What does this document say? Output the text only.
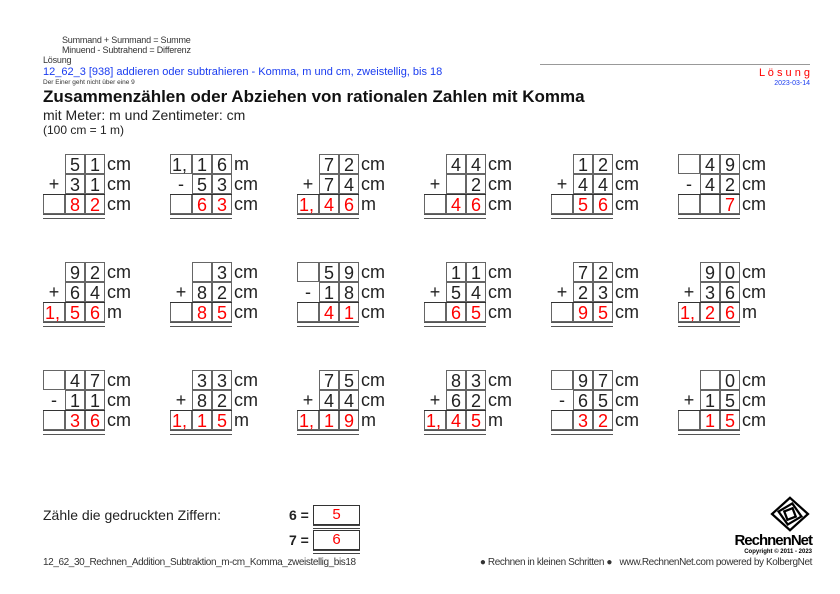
Summand + Summand = Summe
Minuend - Subtrahend = Differenz
Lösung
12_62_3 [938] addieren oder subtrahieren - Komma, m und cm, zweistellig, bis 18
Der Einer geht nicht über eine 9
Zusammenzählen oder Abziehen von rationalen Zahlen mit Komma
mit Meter: m und Zentimeter: cm
(100 cm = 1 m)
L ö s u n g
2023-03-14
5 1 cm
+ 3 1 cm
8 2 cm
1, 1 6 m
- 5 3 cm
6 3 cm
7 2 cm
+ 7 4 cm
1, 4 6 m
4 4 cm
+	2 cm
4 6 cm
1 2 cm
+ 4 4 cm
5 6 cm
4 9 cm
- 4 2 cm
7 cm
9 2 cm
+ 6 4 cm
1, 5 6 m
3 cm
+ 8 2 cm
8 5 cm
5 9 cm
- 1 8 cm
4 1 cm
1 1 cm
+ 5 4 cm
6 5 cm
7 2 cm
+ 2 3 cm
9 5 cm
9 0 cm
+ 3 6 cm
1, 2 6 m
4 7 cm
- 1 1 cm
3 6 cm
3 3 cm
+ 8 2 cm
1, 1 5 m
7 5 cm
+ 4 4 cm
1, 1 9 m
8 3 cm
+ 6 2 cm
1, 4 5 m
9 7 cm
- 6 5 cm
3 2 cm
0 cm
+ 1 5 cm
1 5 cm
Zähle die gedruckten Ziffern:	6 =	5
7 =	6
12_62_30_Rechnen_Addition_Subtraktion_m-cm_Komma_zweistellig_bis18	● Rechnen in kleinen Schritten ● www.RechnenNet.com powered by KolbergNet
RechnenNet
Copyright © 2011 - 2023
